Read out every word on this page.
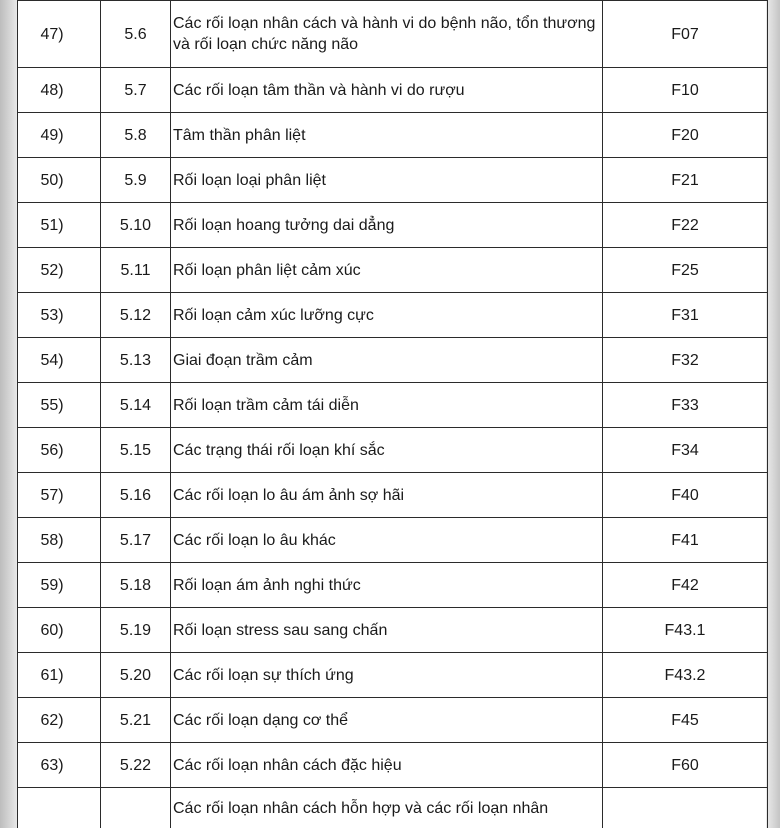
47)	5.6	Các rối loạn nhân cách và hành vi do bệnh não, tổn thương và rối loạn chức năng não	F07
48)	5.7	Các rối loạn tâm thần và hành vi do rượu	F10
49)	5.8	Tâm thần phân liệt	F20
50)	5.9	Rối loạn loại phân liệt	F21
51)	5.10	Rối loạn hoang tưởng dai dẳng	F22
52)	5.11	Rối loạn phân liệt cảm xúc	F25
53)	5.12	Rối loạn cảm xúc lưỡng cực	F31
54)	5.13	Giai đoạn trầm cảm	F32
55)	5.14	Rối loạn trầm cảm tái diễn	F33
56)	5.15	Các trạng thái rối loạn khí sắc	F34
57)	5.16	Các rối loạn lo âu ám ảnh sợ hãi	F40
58)	5.17	Các rối loạn lo âu khác	F41
59)	5.18	Rối loạn ám ảnh nghi thức	F42
60)	5.19	Rối loạn stress sau sang chấn	F43.1
61)	5.20	Các rối loạn sự thích ứng	F43.2
62)	5.21	Các rối loạn dạng cơ thể	F45
63)	5.22	Các rối loạn nhân cách đặc hiệu	F60
		Các rối loạn nhân cách hỗn hợp và các rối loạn nhân	
